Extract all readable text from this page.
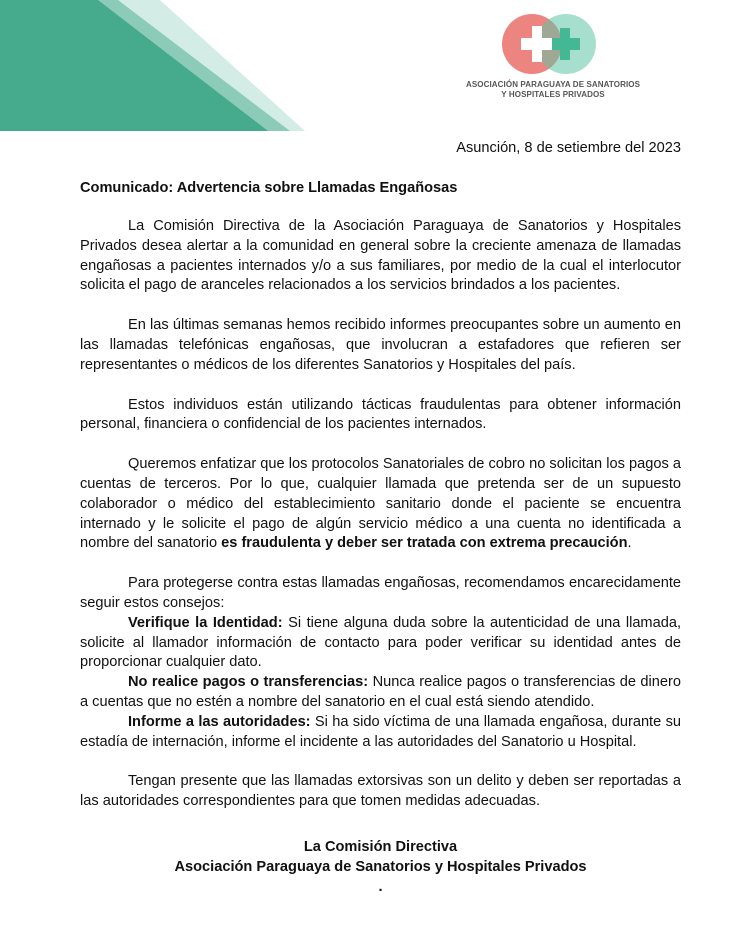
ASOCIACIÓN PARAGUAYA DE SANATORIOS
Y HOSPITALES PRIVADOS
Asunción, 8 de setiembre del 2023
Comunicado: Advertencia sobre Llamadas Engañosas

La Comisión Directiva de la Asociación Paraguaya de Sanatorios y Hospitales Privados desea alertar a la comunidad en general sobre la creciente amenaza de llamadas engañosas a pacientes internados y/o a sus familiares, por medio de la cual el interlocutor solicita el pago de aranceles relacionados a los servicios brindados a los pacientes.

En las últimas semanas hemos recibido informes preocupantes sobre un aumento en las llamadas telefónicas engañosas, que involucran a estafadores que refieren ser representantes o médicos de los diferentes Sanatorios y Hospitales del país.

Estos individuos están utilizando tácticas fraudulentas para obtener información personal, financiera o confidencial de los pacientes internados.

Queremos enfatizar que los protocolos Sanatoriales de cobro no solicitan los pagos a cuentas de terceros. Por lo que, cualquier llamada que pretenda ser de un supuesto colaborador o médico del establecimiento sanitario donde el paciente se encuentra internado y le solicite el pago de algún servicio médico a una cuenta no identificada a nombre del sanatorio es fraudulenta y deber ser tratada con extrema precaución.

Para protegerse contra estas llamadas engañosas, recomendamos encarecidamente seguir estos consejos:

Verifique la Identidad: Si tiene alguna duda sobre la autenticidad de una llamada, solicite al llamador información de contacto para poder verificar su identidad antes de proporcionar cualquier dato.

No realice pagos o transferencias: Nunca realice pagos o transferencias de dinero a cuentas que no estén a nombre del sanatorio en el cual está siendo atendido.

Informe a las autoridades: Si ha sido víctima de una llamada engañosa, durante su estadía de internación, informe el incidente a las autoridades del Sanatorio u Hospital.

Tengan presente que las llamadas extorsivas son un delito y deben ser reportadas a las autoridades correspondientes para que tomen medidas adecuadas.

La Comisión Directiva
Asociación Paraguaya de Sanatorios y Hospitales Privados
.
